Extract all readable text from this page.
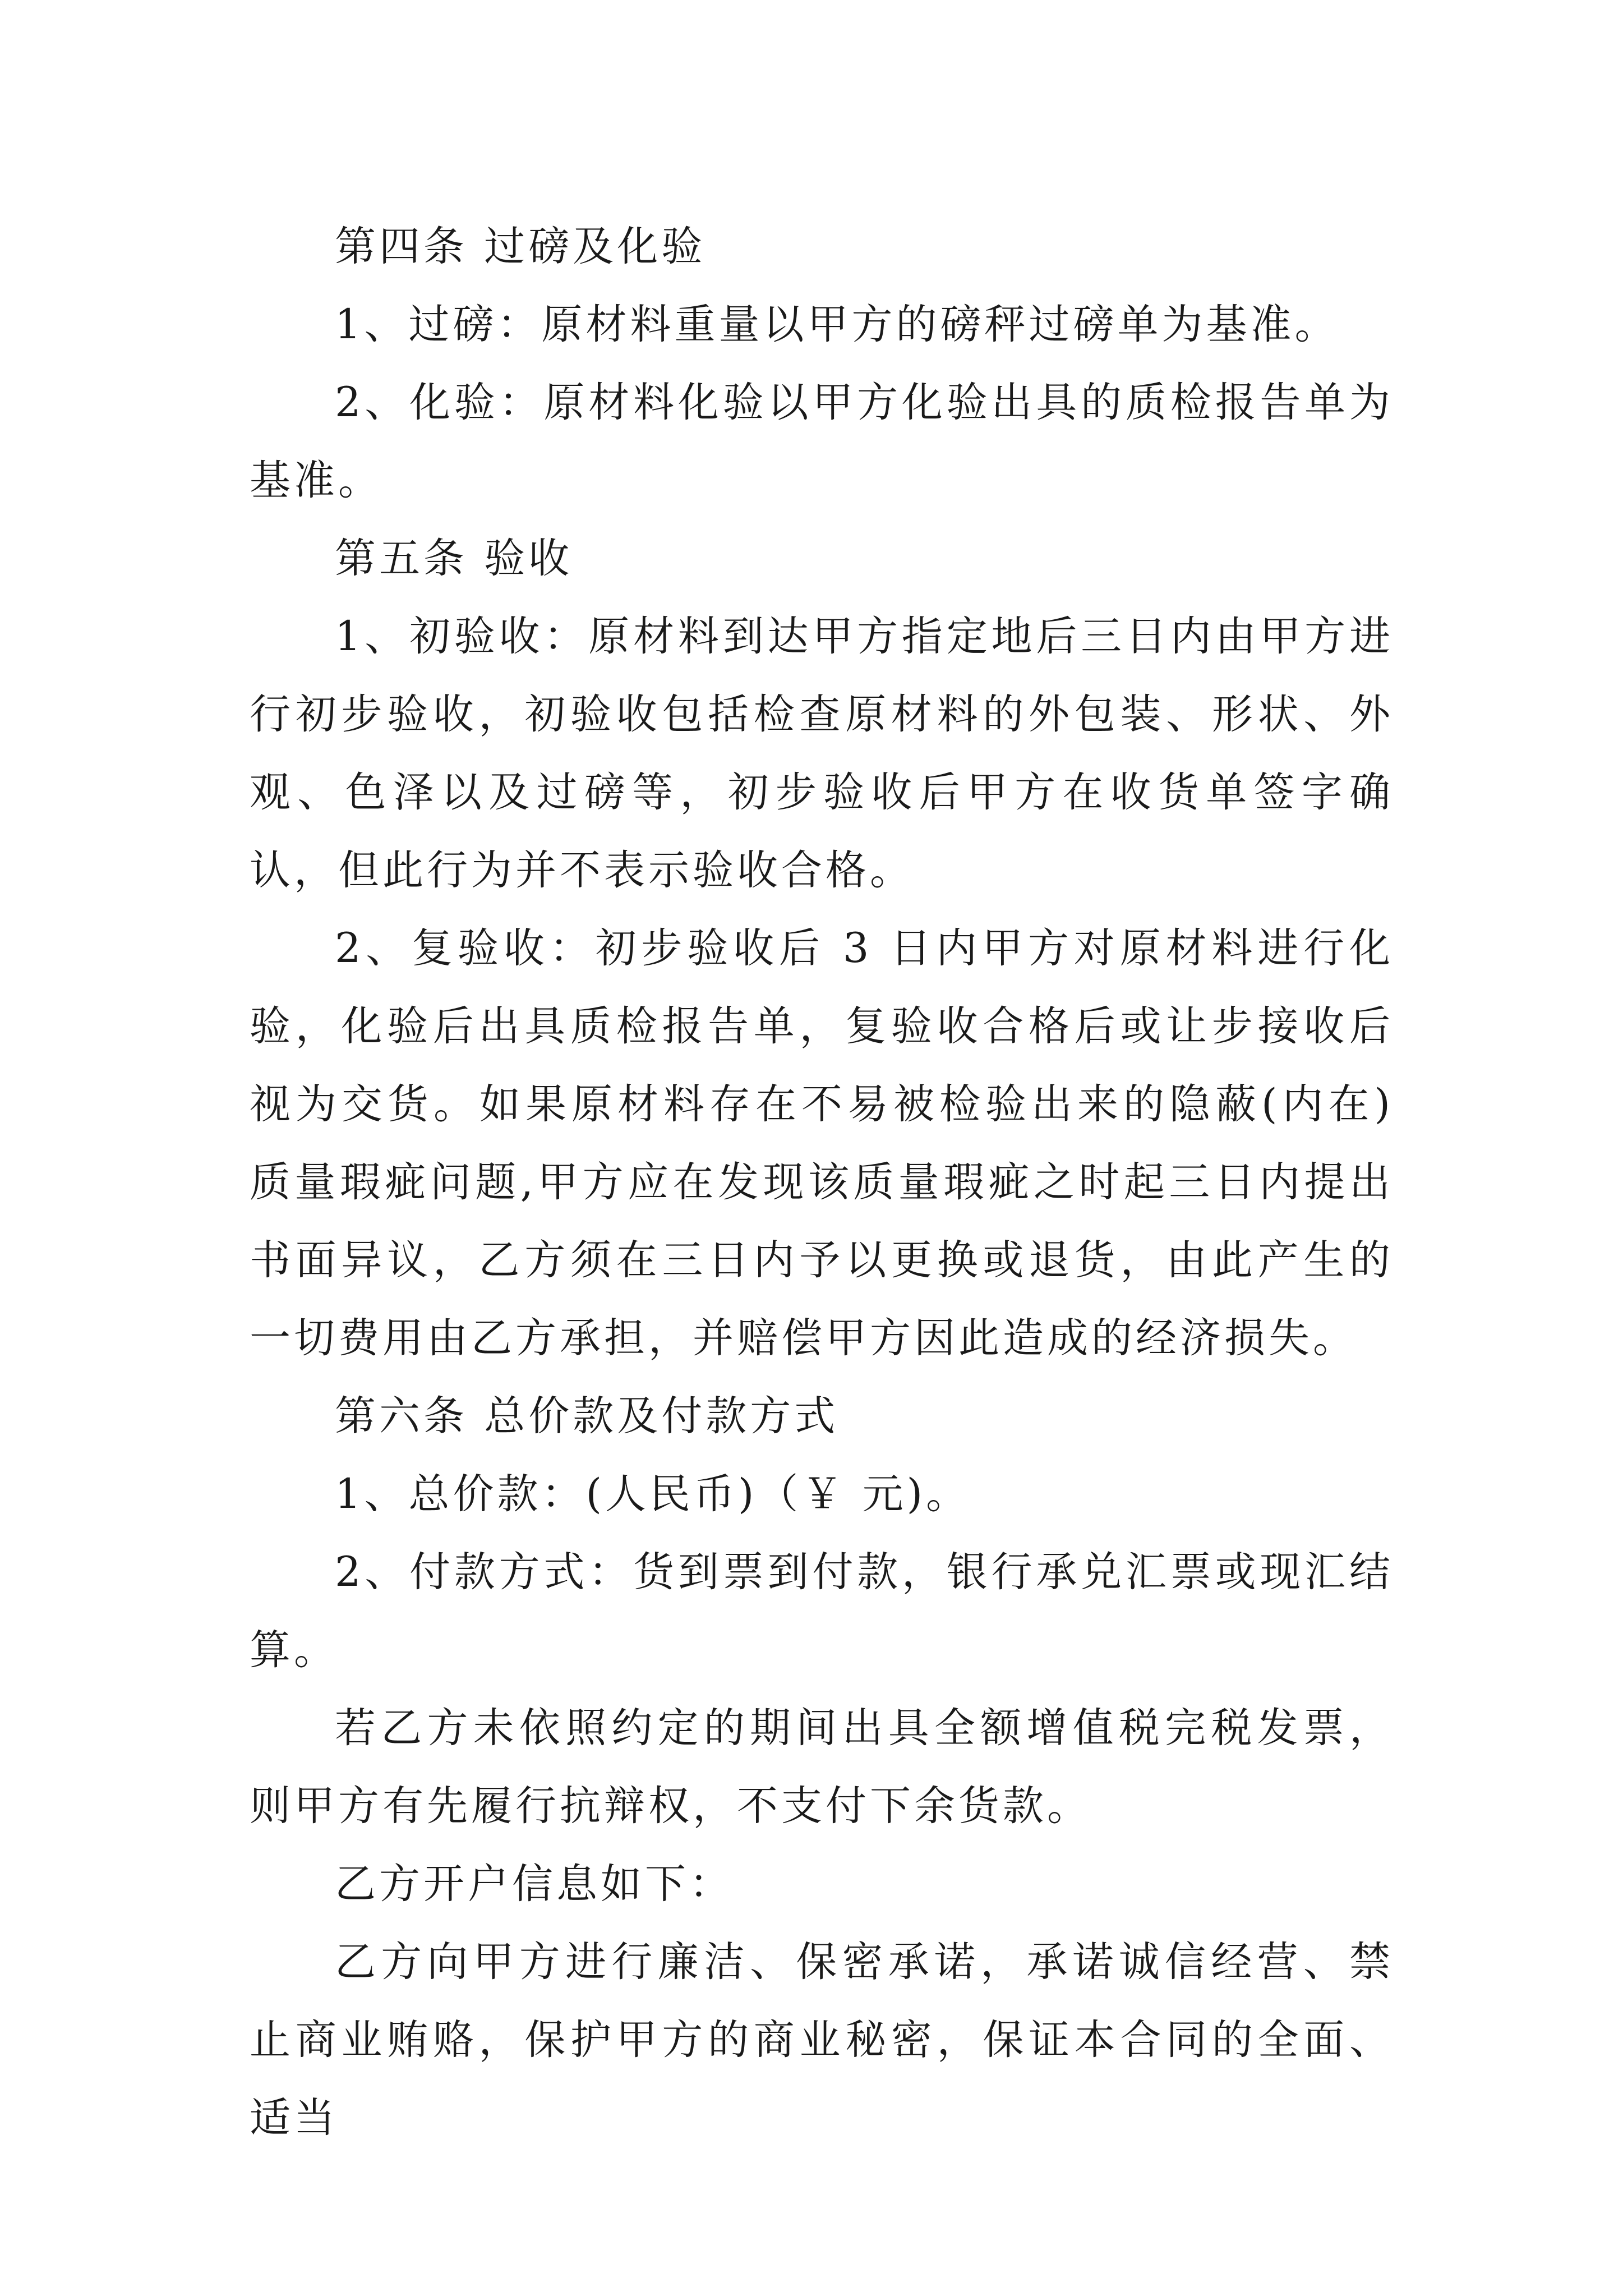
第四条 过磅及化验

1、过磅：原材料重量以甲方的磅秤过磅单为基准。

2、化验：原材料化验以甲方化验出具的质检报告单为基准。

第五条 验收

1、初验收：原材料到达甲方指定地后三日内由甲方进行初步验收，初验收包括检查原材料的外包装、形状、外观、色泽以及过磅等，初步验收后甲方在收货单签字确认，但此行为并不表示验收合格。

2、复验收：初步验收后 3 日内甲方对原材料进行化验，化验后出具质检报告单，复验收合格后或让步接收后视为交货。如果原材料存在不易被检验出来的隐蔽(内在)质量瑕疵问题,甲方应在发现该质量瑕疵之时起三日内提出书面异议，乙方须在三日内予以更换或退货，由此产生的一切费用由乙方承担，并赔偿甲方因此造成的经济损失。

第六条 总价款及付款方式

1、总价款：(人民币)（￥ 元)。

2、付款方式：货到票到付款，银行承兑汇票或现汇结算。

若乙方未依照约定的期间出具全额增值税完税发票，则甲方有先履行抗辩权，不支付下余货款。

乙方开户信息如下：

乙方向甲方进行廉洁、保密承诺，承诺诚信经营、禁止商业贿赂，保护甲方的商业秘密，保证本合同的全面、适当
